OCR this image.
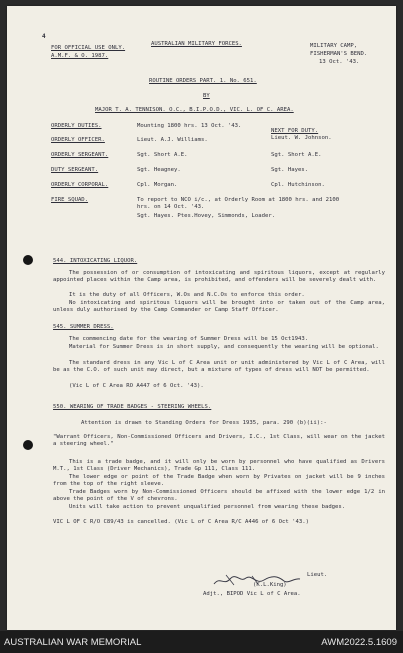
4
FOR OFFICIAL USE ONLY.
A.M.F. & O. 1987.
AUSTRALIAN MILITARY FORCES.	MILITARY CAMP,
FISHERMAN'S BEND.
13 Oct. '43.
ROUTINE ORDERS PART. 1. No. 651.
BY
MAJOR T. A. TENNISON. O.C., B.I.P.O.D., VIC. L. OF C. AREA.
ORDERLY DUTIES.	Mounting 1800 hrs. 13 Oct. '43.
NEXT FOR DUTY.
ORDERLY OFFICER.	Lieut. A.J. Williams.	Lieut. W. Johnson.
ORDERLY SERGEANT.	Sgt. Short A.E.	Sgt. Short A.E.
DUTY SERGEANT.	Sgt. Heagney.	Sgt. Hayes.
ORDERLY CORPORAL.	Cpl. Morgan.	Cpl. Hutchinson.
FIRE SQUAD.	To report to NCO i/c., at Orderly Room at 1800 hrs. and 2100
hrs. on 14 Oct. '43.
Sgt. Hayes. Ptes.Hovey, Simmonds, Loader.
544. INTOXICATING LIQUOR.
The possession of or consumption of intoxicating and spiritous liquors, except at regularly appointed places within the Camp area, is prohibited, and offenders will be severely dealt with.
It is the duty of all Officers, W.Os and N.C.Os to enforce this order.
No intoxicating and spiritous liquors will be brought into or taken out of the Camp area, unless duly authorised by the Camp Commander or Camp Staff Officer.
545. SUMMER DRESS.
The commencing date for the wearing of Summer Dress will be 15 Oct1943.
Material for Summer Dress is in short supply, and consequently the wearing will be optional.
The standard dress in any Vic L of C Area unit or unit administered by Vic L of C Area, will be as the C.O. of such unit may direct, but a mixture of types of dress will NOT be permitted.
(Vic L of C Area RO A447 of 6 Oct. '43).
550. WEARING OF TRADE BADGES - STEERING WHEELS.
Attention is drawn to Standing Orders for Dress 1935, para. 290 (b)(ii):-
"Warrant Officers, Non-Commissioned Officers and Drivers, I.C., 1st Class, will wear on the jacket a steering wheel."
This is a trade badge, and it will only be worn by personnel who have qualified as Drivers M.T., 1st Class (Driver Mechanics), Trade Gp 111, Class 111.
The lower edge or point of the Trade Badge when worn by Privates on jacket will be 9 inches from the top of the right sleeve.
Trade Badges worn by Non-Commissioned Officers should be affixed with the lower edge 1/2 in above the point of the V of chevrons.
Units will take action to prevent unqualified personnel from wearing these badges.
VIC L OF C R/O C89/43 is cancelled. (Vic L of C Area R/C A446 of 6 Oct '43.)
Lieut.
(K.L.King)
Adjt., BIPOD Vic L of C Area.
AUSTRALIAN WAR MEMORIAL	AWM2022.5.1609
